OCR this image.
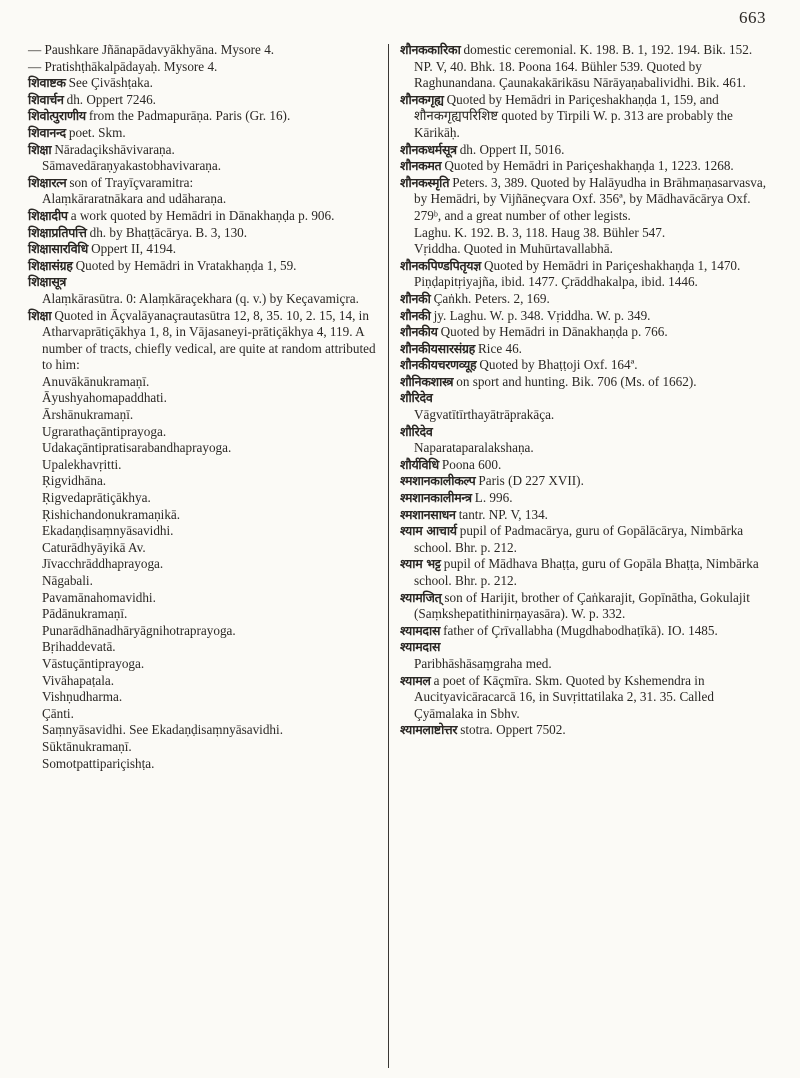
663

— Paushkare Jñānapādavyākhyāna. Mysore 4.

— Pratishṭhākalpādayaḥ. Mysore 4.

शिवाष्टक See Çivāshṭaka.

शिवार्चन dh. Oppert 7246.

शिवोत्पुराणीय from the Padmapurāṇa. Paris (Gr. 16).

शिवानन्द poet. Skm.

शिक्षा Nāradaçikshāvivaraṇa.

Sāmavedāraṇyakastobhavivaraṇa.

शिक्षारत्न son of Trayīçvaramitra:

Alaṃkāraratnākara and udāharaṇa.

शिक्षादीप a work quoted by Hemādri in Dānakhaṇḍa p. 906.

शिक्षाप्रतिपत्ति dh. by Bhaṭṭācārya. B. 3, 130.

शिक्षासारविधि Oppert II, 4194.

शिक्षासंग्रह Quoted by Hemādri in Vratakhaṇḍa 1, 59.

शिक्षासूत्र

Alaṃkārasūtra. 0: Alaṃkāraçekhara (q. v.) by Keçavamiçra.

शिक्षा Quoted in Āçvalāyanaçrautasūtra 12, 8, 35. 10, 2. 15, 14, in Atharvaprātiçākhya 1, 8, in Vājasaneyi-prātiçākhya 4, 119. A number of tracts, chiefly vedical, are quite at random attributed to him:

Anuvākānukramaṇī.

Āyushyahomapaddhati.

Ārshānukramaṇī.

Ugrarathaçāntiprayoga.

Udakaçāntipratisarabandhaprayoga.

Upalekhavṛitti.

Ṛigvidhāna.

Ṛigvedaprātiçākhya.

Ṛishichandonukramaṇikā.

Ekadaṇḍisaṃnyāsavidhi.

Caturādhyāyikā Av.

Jīvacchrāddhaprayoga.

Nāgabali.

Pavamānahomavidhi.

Pādānukramaṇī.

Punarādhānadhāryāgnihotraprayoga.

Bṛihaddevatā.

Vāstuçāntiprayoga.

Vivāhapaṭala.

Vishṇudharma.

Çānti.

Saṃnyāsavidhi. See Ekadaṇḍisaṃnyāsavidhi.

Sūktānukramaṇī.

Somotpattipariçishṭa.

शौनककारिका domestic ceremonial. K. 198. B. 1, 192. 194. Bik. 152. NP. V, 40. Bhk. 18. Poona 164. Bühler 539. Quoted by Raghunandana. Çaunakakārikāsu Nārāyaṇabalividhi. Bik. 461.

शौनकगृह्य Quoted by Hemādri in Pariçeshakhaṇḍa 1, 159, and शौनकगृह्यपरिशिष्ट quoted by Tirpili W. p. 313 are probably the Kārikāḥ.

शौनकधर्मसूत्र dh. Oppert II, 5016.

शौनकमत Quoted by Hemādri in Pariçeshakhaṇḍa 1, 1223. 1268.

शौनकस्मृति Peters. 3, 389. Quoted by Halāyudha in Brāhmaṇasarvasva, by Hemādri, by Vijñāneçvara Oxf. 356ª, by Mādhavācārya Oxf. 279ᵇ, and a great number of other legists.

Laghu. K. 192. B. 3, 118. Haug 38. Bühler 547.

Vṛiddha. Quoted in Muhūrtavallabhā.

शौनकपिण्डपितृयज्ञ Quoted by Hemādri in Pariçeshakhaṇḍa 1, 1470. Piṇḍapitṛiyajña, ibid. 1477. Çrāddhakalpa, ibid. 1446.

शौनकी Çaṅkh. Peters. 2, 169.

शौनकी jy. Laghu. W. p. 348. Vṛiddha. W. p. 349.

शौनकीय Quoted by Hemādri in Dānakhaṇḍa p. 766.

शौनकीयसारसंग्रह Rice 46.

शौनकीयचरणव्यूह Quoted by Bhaṭṭoji Oxf. 164ª.

शौनिकशास्त्र on sport and hunting. Bik. 706 (Ms. of 1662).

शौरिदेव

Vāgvatītīrthayātrāprakāça.

शौरिदेव

Naparataparalakshaṇa.

शौर्यविधि Poona 600.

श्मशानकालीकल्प Paris (D 227 XVII).

श्मशानकालीमन्त्र L. 996.

श्मशानसाधन tantr. NP. V, 134.

श्याम आचार्य pupil of Padmacārya, guru of Gopālācārya, Nimbārka school. Bhr. p. 212.

श्याम भट्ट pupil of Mādhava Bhaṭṭa, guru of Gopāla Bhaṭṭa, Nimbārka school. Bhr. p. 212.

श्यामजित् son of Harijit, brother of Çaṅkarajit, Gopīnātha, Gokulajit (Saṃkshepatithinirṇayasāra). W. p. 332.

श्यामदास father of Çrīvallabha (Mugdhabodhaṭīkā). IO. 1485.

श्यामदास

Paribhāshāsaṃgraha med.

श्यामल a poet of Kāçmīra. Skm. Quoted by Kshemendra in Aucityavicāracarcā 16, in Suvṛittatilaka 2, 31. 35. Called Çyāmalaka in Sbhv.

श्यामलाष्टोत्तर stotra. Oppert 7502.
